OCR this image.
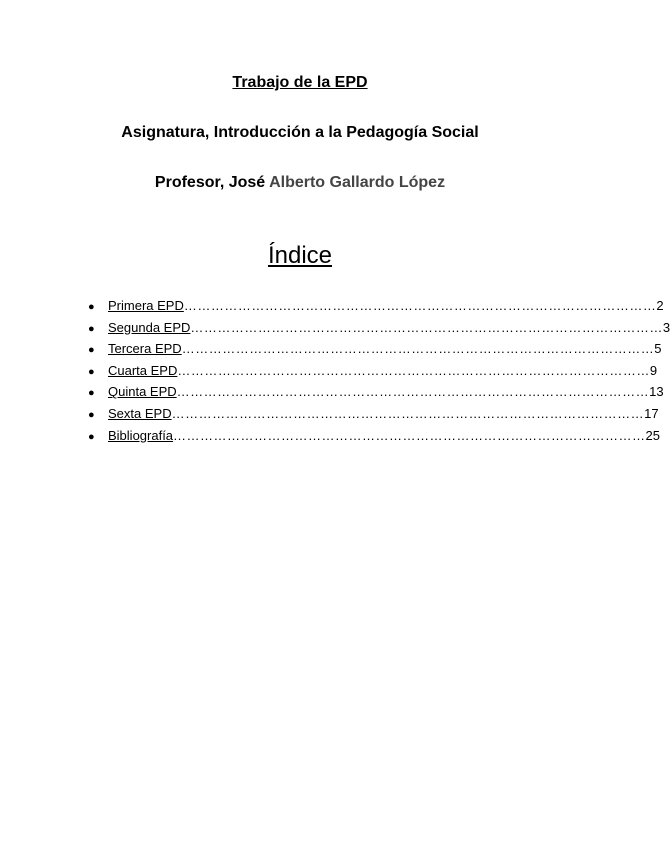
Trabajo de la EPD
Asignatura, Introducción a la Pedagogía Social
Profesor, José Alberto Gallardo López
Índice
●	Primera EPD …………………………………………………………………………………………… 2
●	Segunda EPD …………………………………………………………………………………………… 3
●	Tercera EPD …………………………………………………………………………………………… 5
●	Cuarta EPD …………………………………………………………………………………………… 9
●	Quinta EPD …………………………………………………………………………………………… 13
●	Sexta EPD …………………………………………………………………………………………… 17
●	Bibliografía …………………………………………………………………………………………… 25
